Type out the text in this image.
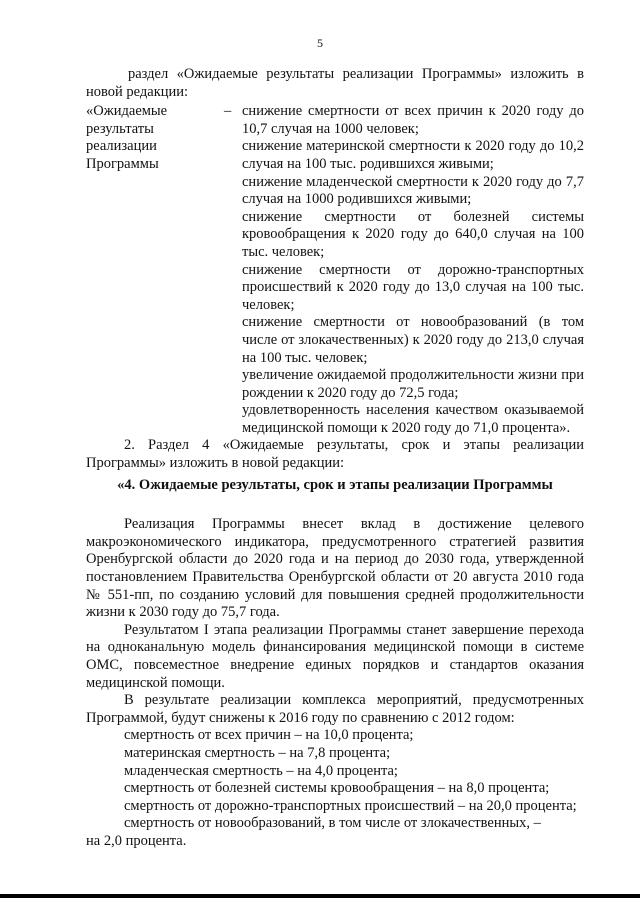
5

раздел «Ожидаемые результаты реализации Программы» изложить в новой редакции:

«Ожидаемые
результаты
реализации
Программы
– снижение смертности от всех причин к 2020 году до 10,7 случая на 1000 человек;

снижение материнской смертности к 2020 году до 10,2 случая на 100 тыс. родившихся живыми;

снижение младенческой смертности к 2020 году до 7,7 случая на 1000 родившихся живыми;

снижение смертности от болезней системы кровообращения к 2020 году до 640,0 случая на 100 тыс. человек;

снижение смертности от дорожно-транспортных происшествий к 2020 году до 13,0 случая на 100 тыс. человек;

снижение смертности от новообразований (в том числе от злокачественных) к 2020 году до 213,0 случая на 100 тыс. человек;

увеличение ожидаемой продолжительности жизни при рождении к 2020 году до 72,5 года;

удовлетворенность населения качеством оказываемой медицинской помощи к 2020 году до 71,0 процента».

2. Раздел 4 «Ожидаемые результаты, срок и этапы реализации Программы» изложить в новой редакции:

«4. Ожидаемые результаты, срок и этапы реализации Программы

Реализация Программы внесет вклад в достижение целевого макроэкономического индикатора, предусмотренного стратегией развития Оренбургской области до 2020 года и на период до 2030 года, утвержденной постановлением Правительства Оренбургской области от 20 августа 2010 года № 551-пп, по созданию условий для повышения средней продолжительности жизни к 2030 году до 75,7 года.

Результатом I этапа реализации Программы станет завершение перехода на одноканальную модель финансирования медицинской помощи в системе ОМС, повсеместное внедрение единых порядков и стандартов оказания медицинской помощи.

В результате реализации комплекса мероприятий, предусмотренных Программой, будут снижены к 2016 году по сравнению с 2012 годом:

смертность от всех причин – на 10,0 процента;

материнская смертность – на 7,8 процента;

младенческая смертность – на 4,0 процента;

смертность от болезней системы кровообращения – на 8,0 процента;

смертность от дорожно-транспортных происшествий – на 20,0 процента;

смертность от новообразований, в том числе от злокачественных, –

на 2,0 процента.
